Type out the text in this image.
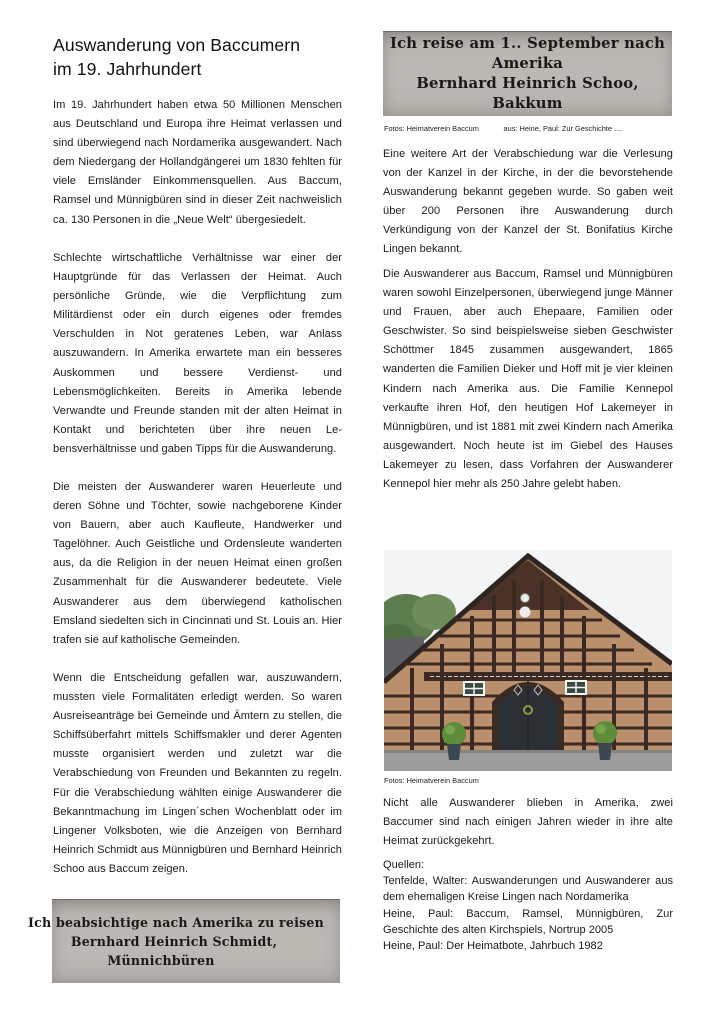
Auswanderung von Baccumern
im 19. Jahrhundert

Im 19. Jahrhundert haben etwa 50 Millionen Menschen aus Deutschland und Europa ihre Heimat verlassen und sind überwiegend nach Nordamerika ausgewandert. Nach dem Niedergang der Hollandgängerei um 1830 fehlten für viele Emsländer Einkommensquellen. Aus Baccum, Ramsel und Münnigbüren sind in dieser Zeit nachweislich ca. 130 Personen in die „Neue Welt“ übergesiedelt.

Schlechte wirtschaftliche Verhältnisse war einer der Hauptgründe für das Verlassen der Heimat. Auch persönliche Gründe, wie die Verpflichtung zum Militärdienst oder ein durch eigenes oder fremdes Verschulden in Not geratenes Leben, war Anlass auszuwandern. In Amerika erwartete man ein besseres Auskommen und bessere Verdienst- und Lebensmöglichkeiten. Bereits in Amerika lebende Verwandte und Freunde standen mit der alten Heimat in Kontakt und berichteten über ihre neuen Lebensverhältnisse und gaben Tipps für die Auswanderung.

Die meisten der Auswanderer waren Heuerleute und deren Söhne und Töchter, sowie nachgeborene Kinder von Bauern, aber auch Kaufleute, Handwerker und Tagelöhner. Auch Geistliche und Ordensleute wanderten aus, da die Religion in der neuen Heimat einen großen Zusammenhalt für die Auswanderer bedeutete. Viele Auswanderer aus dem überwiegend katholischen Emsland siedelten sich in Cincinnati und St. Louis an. Hier trafen sie auf katholische Gemeinden.

Wenn die Entscheidung gefallen war, auszuwandern, mussten viele Formalitäten erledigt werden. So waren Ausreiseanträge bei Gemeinde und Ämtern zu stellen, die Schiffsüberfahrt mittels Schiffsmakler und derer Agenten musste organisiert werden und zuletzt war die Verabschiedung von Freunden und Bekannten zu regeln. Für die Verabschiedung wählten einige Auswanderer die Bekanntmachung im Lingen´schen Wochenblatt oder im Lingener Volksboten, wie die Anzeigen von Bernhard Heinrich Schmidt aus Münnigbüren und Bernhard Heinrich Schoo aus Baccum zeigen.

Ich beabsichtige nach Amerika zu reisen
Bernhard Heinrich Schmidt,
Münnichbüren
Ich reise am 1.. September nach Amerika
Bernhard Heinrich Schoo,
Bakkum

Fotos: Heimatverein Baccum            aus: Heine, Paul: Zur Geschichte ....

Eine weitere Art der Verabschiedung war die Verlesung von der Kanzel in der Kirche, in der die bevorstehende Auswanderung bekannt gegeben wurde. So gaben weit über 200 Personen ihre Auswanderung durch Verkündigung von der Kanzel der St. Bonifatius Kirche Lingen bekannt.

Die Auswanderer aus Baccum, Ramsel und Münnigbüren waren sowohl Einzelpersonen, überwiegend junge Männer und Frauen, aber auch Ehepaare, Familien oder Geschwister. So sind beispielsweise sieben Geschwister Schöttmer 1845 zusammen ausgewandert, 1865 wanderten die Familien Dieker und Hoff mit je vier kleinen Kindern nach Amerika aus. Die Familie Kennepol verkaufte ihren Hof, den heutigen Hof Lakemeyer in Münnigbüren, und ist 1881 mit zwei Kindern nach Amerika ausgewandert. Noch heute ist im Giebel des Hauses Lakemeyer zu lesen, dass Vorfahren der Auswanderer Kennepol hier mehr als 250 Jahre gelebt haben.

Fotos: Heimatverein Baccum

Nicht alle Auswanderer blieben in Amerika, zwei Baccumer sind nach einigen Jahren wieder in ihre alte Heimat zurückgekehrt.

Quellen:
Tenfelde, Walter: Auswanderungen und Auswanderer aus dem ehemaligen Kreise Lingen nach Nordamerika
Heine, Paul: Baccum, Ramsel, Münnigbüren, Zur Geschichte des alten Kirchspiels, Nortrup 2005
Heine, Paul: Der Heimatbote, Jahrbuch 1982
